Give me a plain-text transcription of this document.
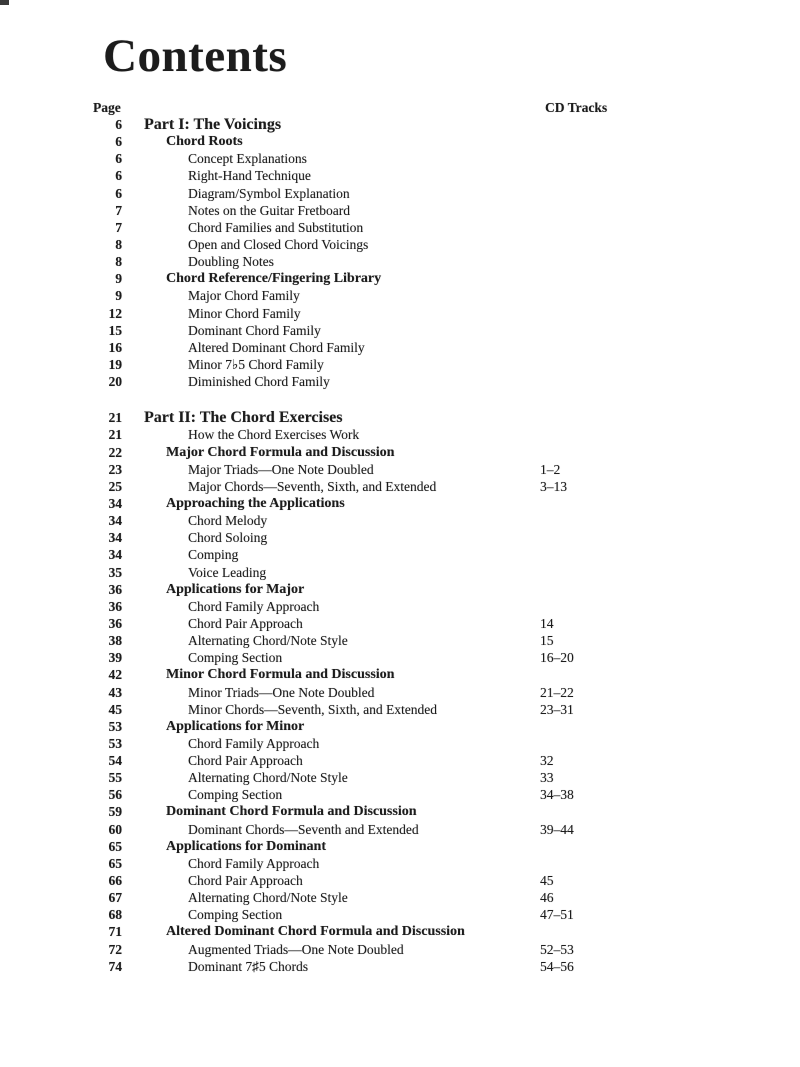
Contents
Page	CD Tracks
6 Part I: The Voicings
6	Chord Roots
6	Concept Explanations
6	Right-Hand Technique
6	Diagram/Symbol Explanation
7	Notes on the Guitar Fretboard
7	Chord Families and Substitution
8	Open and Closed Chord Voicings
8	Doubling Notes
9	Chord Reference/Fingering Library
9	Major Chord Family
12	Minor Chord Family
15	Dominant Chord Family
16	Altered Dominant Chord Family
19	Minor 7♭5 Chord Family
20	Diminished Chord Family
21 Part II: The Chord Exercises
21	How the Chord Exercises Work
22	Major Chord Formula and Discussion
23	Major Triads—One Note Doubled	1–2
25	Major Chords—Seventh, Sixth, and Extended	3–13
34	Approaching the Applications
34	Chord Melody
34	Chord Soloing
34	Comping
35	Voice Leading
36	Applications for Major
36	Chord Family Approach
36	Chord Pair Approach	14
38	Alternating Chord/Note Style	15
39	Comping Section	16–20
42	Minor Chord Formula and Discussion
43	Minor Triads—One Note Doubled	21–22
45	Minor Chords—Seventh, Sixth, and Extended	23–31
53	Applications for Minor
53	Chord Family Approach
54	Chord Pair Approach	32
55	Alternating Chord/Note Style	33
56	Comping Section	34–38
59	Dominant Chord Formula and Discussion
60	Dominant Chords—Seventh and Extended	39–44
65	Applications for Dominant
65	Chord Family Approach
66	Chord Pair Approach	45
67	Alternating Chord/Note Style	46
68	Comping Section	47–51
71	Altered Dominant Chord Formula and Discussion
72	Augmented Triads—One Note Doubled	52–53
74	Dominant 7♯5 Chords	54–56
